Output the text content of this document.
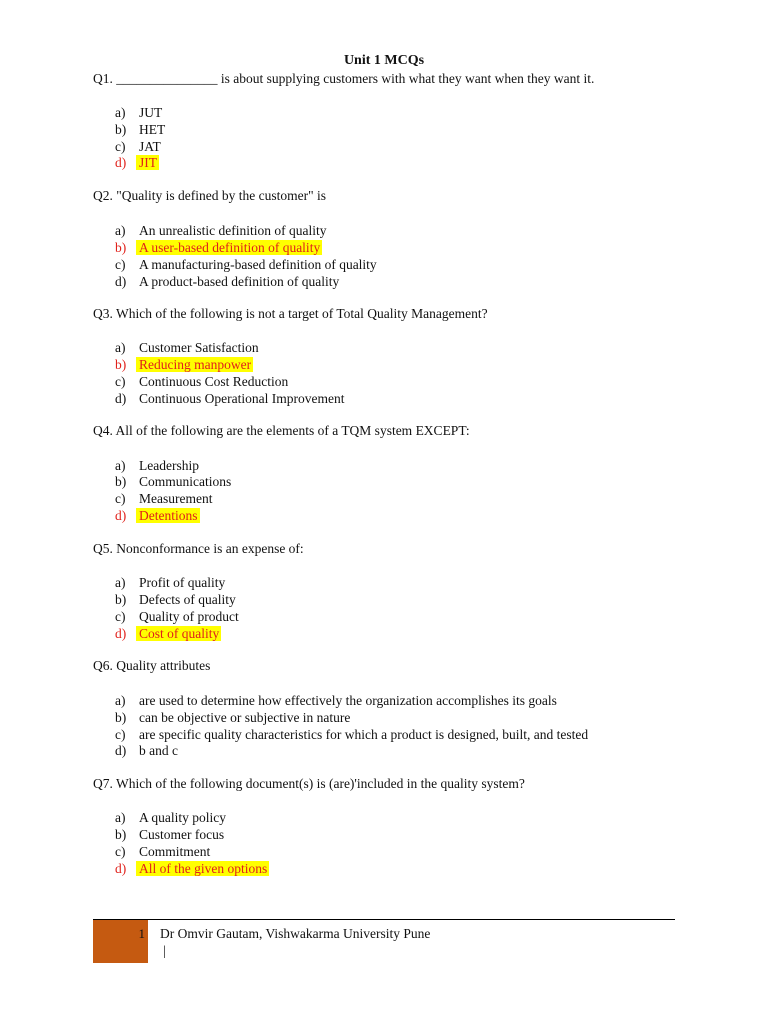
Unit 1 MCQs
Q1. _______________ is about supplying customers with what they want when they want it.
a) JUT
b) HET
c) JAT
d) JIT
Q2. "Quality is defined by the customer" is
a) An unrealistic definition of quality
b) A user-based definition of quality
c) A manufacturing-based definition of quality
d) A product-based definition of quality
Q3. Which of the following is not a target of Total Quality Management?
a) Customer Satisfaction
b) Reducing manpower
c) Continuous Cost Reduction
d) Continuous Operational Improvement
Q4. All of the following are the elements of a TQM system EXCEPT:
a) Leadership
b) Communications
c) Measurement
d) Detentions
Q5. Nonconformance is an expense of:
a) Profit of quality
b) Defects of quality
c) Quality of product
d) Cost of quality
Q6. Quality attributes
a) are used to determine how effectively the organization accomplishes its goals
b) can be objective or subjective in nature
c) are specific quality characteristics for which a product is designed, built, and tested
d) b and c
Q7. Which of the following document(s) is (are)'included in the quality system?
a) A quality policy
b) Customer focus
c) Commitment
d) All of the given options
1 Dr Omvir Gautam, Vishwakarma University Pune
|
